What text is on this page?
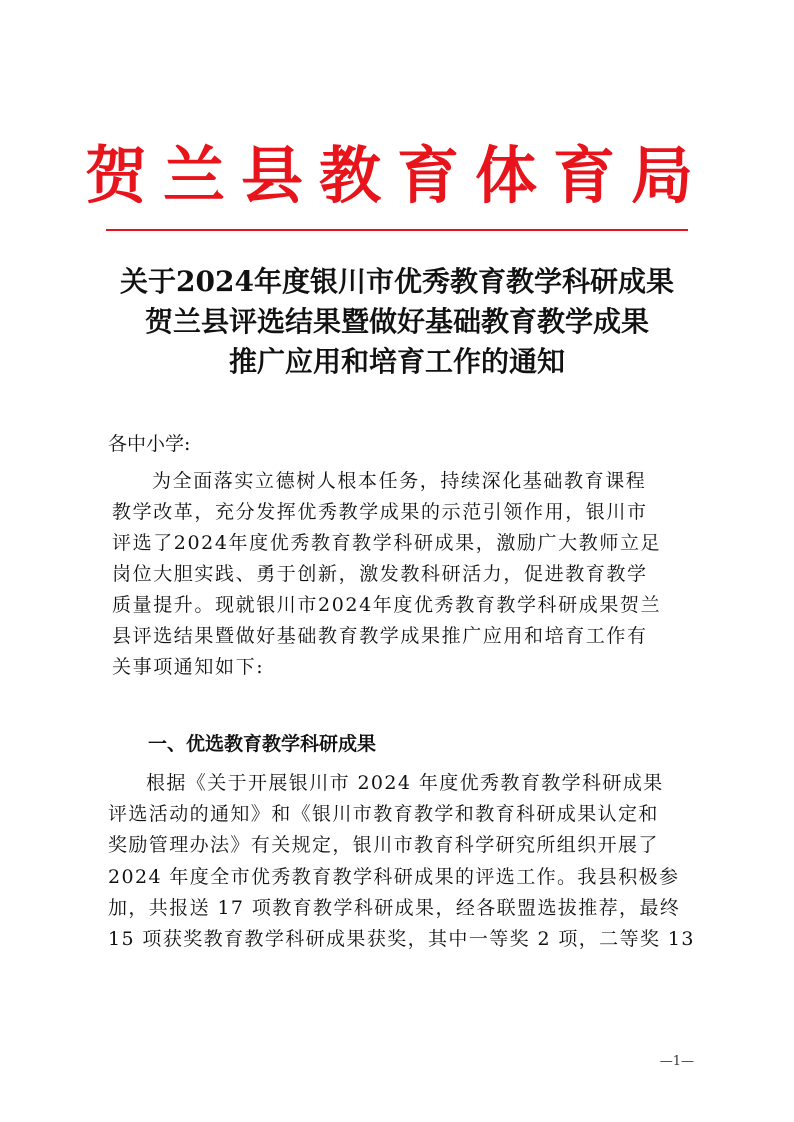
贺兰县教育体育局
关于2024年度银川市优秀教育教学科研成果
贺兰县评选结果暨做好基础教育教学成果
推广应用和培育工作的通知
各中小学:
为全面落实立德树人根本任务，持续深化基础教育课程
教学改革，充分发挥优秀教学成果的示范引领作用，银川市
评选了2024年度优秀教育教学科研成果，激励广大教师立足
岗位大胆实践、勇于创新，激发教科研活力，促进教育教学
质量提升。现就银川市2024年度优秀教育教学科研成果贺兰
县评选结果暨做好基础教育教学成果推广应用和培育工作有
关事项通知如下:
一、优选教育教学科研成果
根据《关于开展银川市 2024 年度优秀教育教学科研成果
评选活动的通知》和《银川市教育教学和教育科研成果认定和
奖励管理办法》有关规定，银川市教育科学研究所组织开展了
2024 年度全市优秀教育教学科研成果的评选工作。我县积极参
加，共报送 17 项教育教学科研成果，经各联盟选拔推荐，最终
15 项获奖教育教学科研成果获奖，其中一等奖 2 项，二等奖 13
—1—
